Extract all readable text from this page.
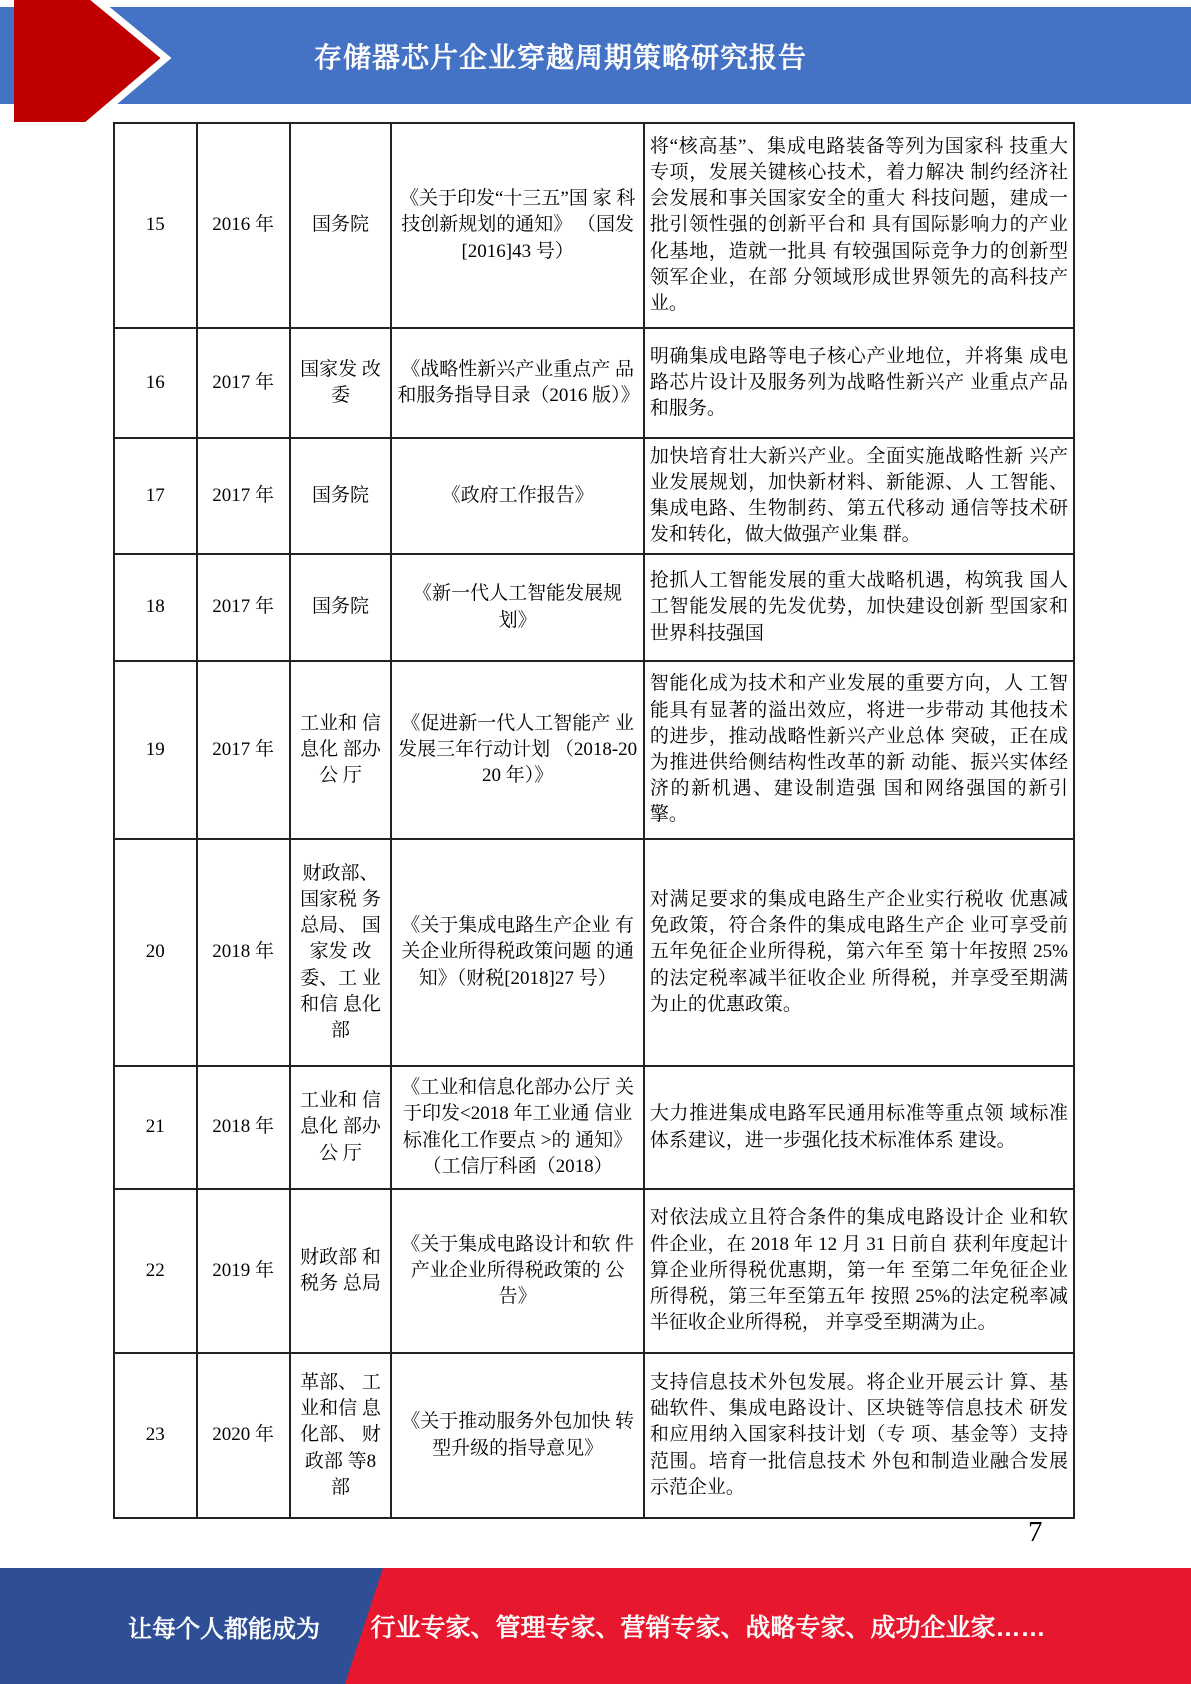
存储器芯片企业穿越周期策略研究报告
15	2016 年	国务院	《关于印发“十三五”国 家 科技创新规划的通知》 （国发[2016]43 号）	将“核高基”、集成电路装备等列为国家科 技重大专项，发展关键核心技术，着力解决 制约经济社会发展和事关国家安全的重大 科技问题，建成一批引领性强的创新平台和 具有国际影响力的产业化基地，造就一批具 有较强国际竞争力的创新型领军企业，在部 分领域形成世界领先的高科技产业。
16	2017 年	国家发 改委	《战略性新兴产业重点产 品和服务指导目录（2016 版）》	明确集成电路等电子核心产业地位，并将集 成电路芯片设计及服务列为战略性新兴产 业重点产品和服务。
17	2017 年	国务院	《政府工作报告》	加快培育壮大新兴产业。全面实施战略性新 兴产业发展规划，加快新材料、新能源、人 工智能、集成电路、生物制药、第五代移动 通信等技术研发和转化，做大做强产业集 群。
18	2017 年	国务院	《新一代人工智能发展规 划》	抢抓人工智能发展的重大战略机遇，构筑我 国人工智能发展的先发优势，加快建设创新 型国家和世界科技强国
19	2017 年	工业和 信息化 部办公 厅	《促进新一代人工智能产 业发展三年行动计划 （2018-2020 年）》	智能化成为技术和产业发展的重要方向，人 工智能具有显著的溢出效应，将进一步带动 其他技术的进步，推动战略性新兴产业总体 突破，正在成为推进供给侧结构性改革的新 动能、振兴实体经济的新机遇、建设制造强 国和网络强国的新引擎。
20	2018 年	财政部、 国家税 务 总局、 国 家发 改 委、工 业 和信 息化 部	《关于集成电路生产企业 有关企业所得税政策问题 的通知》（财税[2018]27 号）	对满足要求的集成电路生产企业实行税收 优惠减免政策，符合条件的集成电路生产企 业可享受前五年免征企业所得税，第六年至 第十年按照 25%的法定税率减半征收企业 所得税，并享受至期满为止的优惠政策。
21	2018 年	工业和 信息化 部办公 厅	《工业和信息化部办公厅 关于印发<2018 年工业通 信业 标准化工作要点 >的 通知》（工信厅科函（2018）	大力推进集成电路军民通用标准等重点领 域标准体系建议，进一步强化技术标准体系 建设。
22	2019 年	财政部 和 税务 总局	《关于集成电路设计和软 件产业企业所得税政策的 公告》	对依法成立且符合条件的集成电路设计企 业和软件企业，在 2018 年 12 月 31 日前自 获利年度起计算企业所得税优惠期，第一年 至第二年免征企业所得税，第三年至第五年 按照 25%的法定税率减半征收企业所得税， 并享受至期满为止。
23	2020 年	革部、 工 业和信 息 化部、 财 政部 等8 部	《关于推动服务外包加快 转型升级的指导意见》	支持信息技术外包发展。将企业开展云计 算、基础软件、集成电路设计、区块链等信息技术 研发和应用纳入国家科技计划（专 项、基金等）支持范围。培育一批信息技术 外包和制造业融合发展示范企业。
7
让每个人都能成为	行业专家、管理专家、营销专家、战略专家、成功企业家……
